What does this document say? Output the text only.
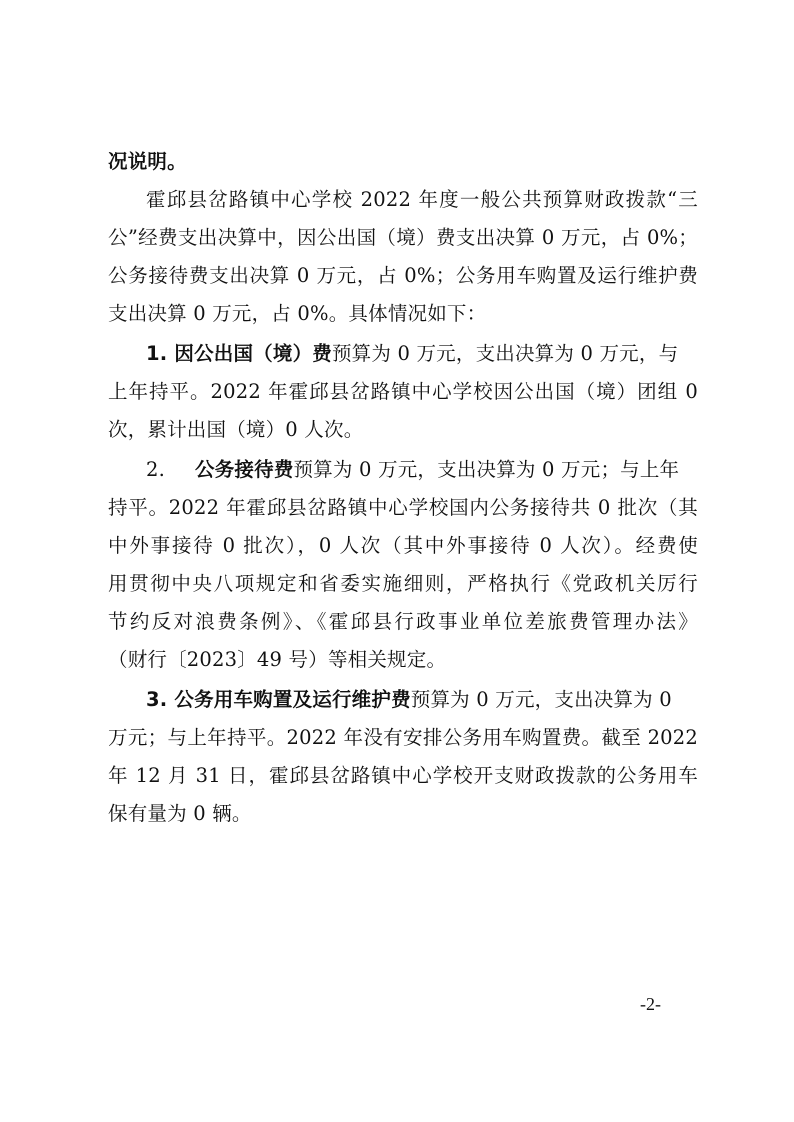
况说明。
霍邱县岔路镇中心学校 2022 年度一般公共预算财政拨款“三
公”经费支出决算中，因公出国（境）费支出决算 0 万元，占 0%；
公务接待费支出决算 0 万元，占 0%；公务用车购置及运行维护费
支出决算 0 万元，占 0%。具体情况如下：
1. 因公出国（境）费预算为 0 万元，支出决算为 0 万元，与
上年持平。2022 年霍邱县岔路镇中心学校因公出国（境）团组 0
次，累计出国（境）0 人次。
2. 公务接待费预算为 0 万元，支出决算为 0 万元；与上年
持平。2022 年霍邱县岔路镇中心学校国内公务接待共 0 批次（其
中外事接待 0 批次），0 人次（其中外事接待 0 人次）。经费使
用贯彻中央八项规定和省委实施细则，严格执行《党政机关厉行
节约反对浪费条例》、《霍邱县行政事业单位差旅费管理办法》
（财行〔2023〕49 号）等相关规定。
3. 公务用车购置及运行维护费预算为 0 万元，支出决算为 0
万元；与上年持平。2022 年没有安排公务用车购置费。截至 2022
年 12 月 31 日，霍邱县岔路镇中心学校开支财政拨款的公务用车
保有量为 0 辆。
-2-
